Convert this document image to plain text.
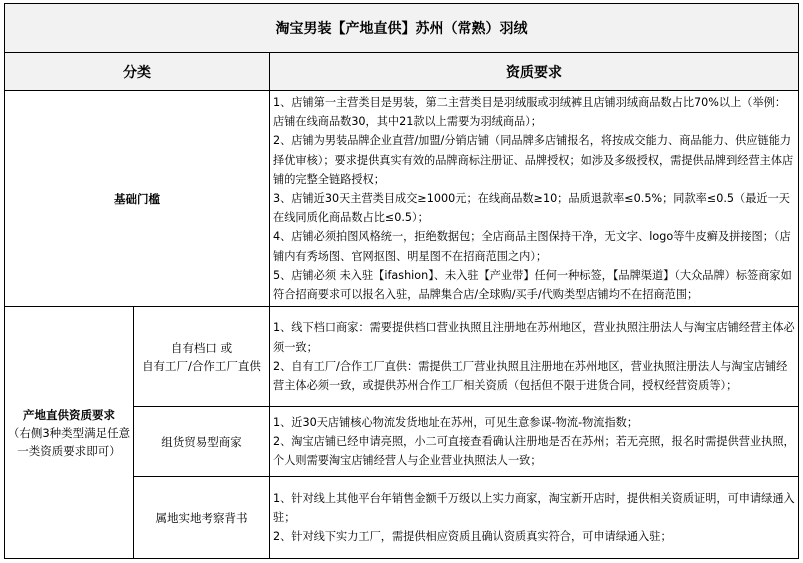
淘宝男装【产地直供】苏州（常熟）羽绒		
分类		资质要求
基础门槛		1、店铺第一主营类目是男装，第二主营类目是羽绒服或羽绒裤且店铺羽绒商品数占比70%以上（举例：店铺在线商品数30，其中21款以上需要为羽绒商品）；
2、店铺为男装品牌企业直营/加盟/分销店铺（同品牌多店铺报名，将按成交能力、商品能力、供应链能力择优审核）；要求提供真实有效的品牌商标注册证、品牌授权；如涉及多级授权，需提供品牌到经营主体店铺的完整全链路授权；
3、店铺近30天主营类目成交≥1000元；在线商品数≥10；品质退款率≤0.5%；同款率≤0.5（最近一天在线同质化商品数占比≤0.5）；
4、店铺必须拍图风格统一，拒绝数据包；全店商品主图保持干净，无文字、logo等牛皮癣及拼接图；（店铺内有秀场图、官网抠图、明星图不在招商范围之内）；
5、店铺必须 未入驻【ifashion】、未入驻【产业带】任何一种标签，【品牌渠道】（大众品牌）标签商家如符合招商要求可以报名入驻，品牌集合店/全球购/买手/代购类型店铺均不在招商范围；

产地直供资质要求
（右侧3种类型满足任意一类资质要求即可）	自有档口 或
自有工厂/合作工厂直供	1、线下档口商家：需要提供档口营业执照且注册地在苏州地区，营业执照注册法人与淘宝店铺经营主体必须一致；
2、自有工厂/合作工厂直供：需提供工厂营业执照且注册地在苏州地区，营业执照注册法人与淘宝店铺经营主体必须一致，或提供苏州合作工厂相关资质（包括但不限于进货合同，授权经营资质等）；

	组货贸易型商家	1、近30天店铺核心物流发货地址在苏州，可见生意参谋-物流-物流指数；
2、淘宝店铺已经申请亮照，小二可直接查看确认注册地是否在苏州；若无亮照，报名时需提供营业执照，个人则需要淘宝店铺经营人与企业营业执照法人一致；

	属地实地考察背书	1、针对线上其他平台年销售金额千万级以上实力商家，淘宝新开店时，提供相关资质证明，可申请绿通入驻；
2、针对线下实力工厂，需提供相应资质且确认资质真实符合，可申请绿通入驻；
